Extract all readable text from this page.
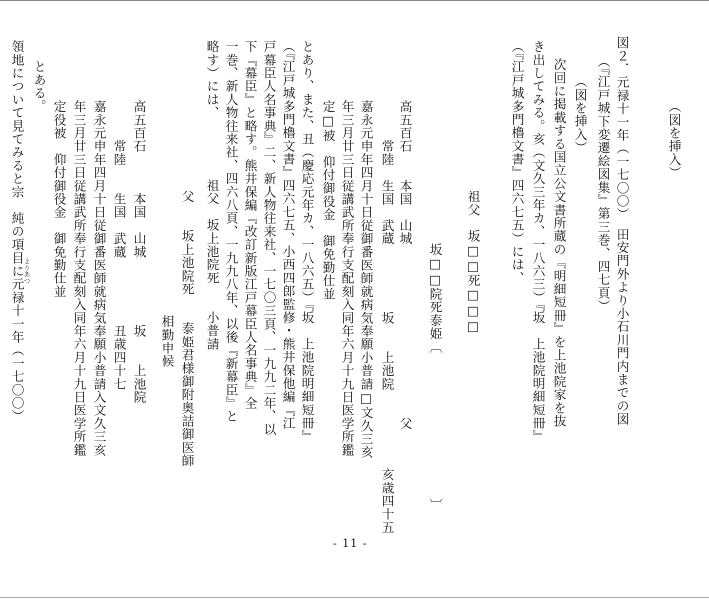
（図を挿入）
図２．元禄十一年（一七〇〇）　田安門外より小石川門内までの図
（『江戸城下変遷絵図集』第三巻、四七頁）
（図を挿入）
次回に掲載する国立公文書所蔵の『明細短冊』を上池院家を抜
き出してみる。亥（文久三年カ、一八六三）『坂　上池院明細短冊』
（『江戸城多門櫓文書』四六七五）には、
祖父　坂□□死□□□
坂□□院死泰姫〔　　　　　　　　　　　〕
高五百石　　本国　山城　　　　　　　　　　　　　父
　　　常陸　生国　武蔵　　　　　坂　　上池院
亥歳四十五
嘉永元申年四月十日従御番医師就病気奉願小普請□文久三亥
年三月廿三日従講武所奉行支配刻入同年六月十九日医学所鑑
定□被　仰付御役金　御免勤仕並
とあり、また、丑（慶応元年カ、一八六五）『坂　上池院明細短冊』
（『江戸城多門櫓文書』四六七五、小西四郎監修・熊井保他編『江
戸幕臣人名事典』二、新人物往来社、一七〇三頁、一九九二年、以
下『幕臣』と略す。熊井保編『改訂新版江戸幕臣人名事典』全
一巻、新人物往来社、四六八頁、一九九八年、以後『新幕臣』と
略す）には、　　　　　祖父　坂上池院死　　小普請
父　　坂上池院死　　泰姫君様御附奥詰御医師
相勤申候
高五百石　　　本国　山城　　　　　坂　　上池院
　　　常陸　　生国　武蔵　　　　　丑歳四十七
嘉永元申年四月十日従御番医師就病気奉願小普請入文久三亥
年三月廿三日従講武所奉行支配刻入同年六月十九日医学所鑑
定役被　仰付御役金　御免勤仕並
とある。
領地について見てみると宗　純の項目に元禄十一年（一七〇〇）
よりあつ
- 11 -
